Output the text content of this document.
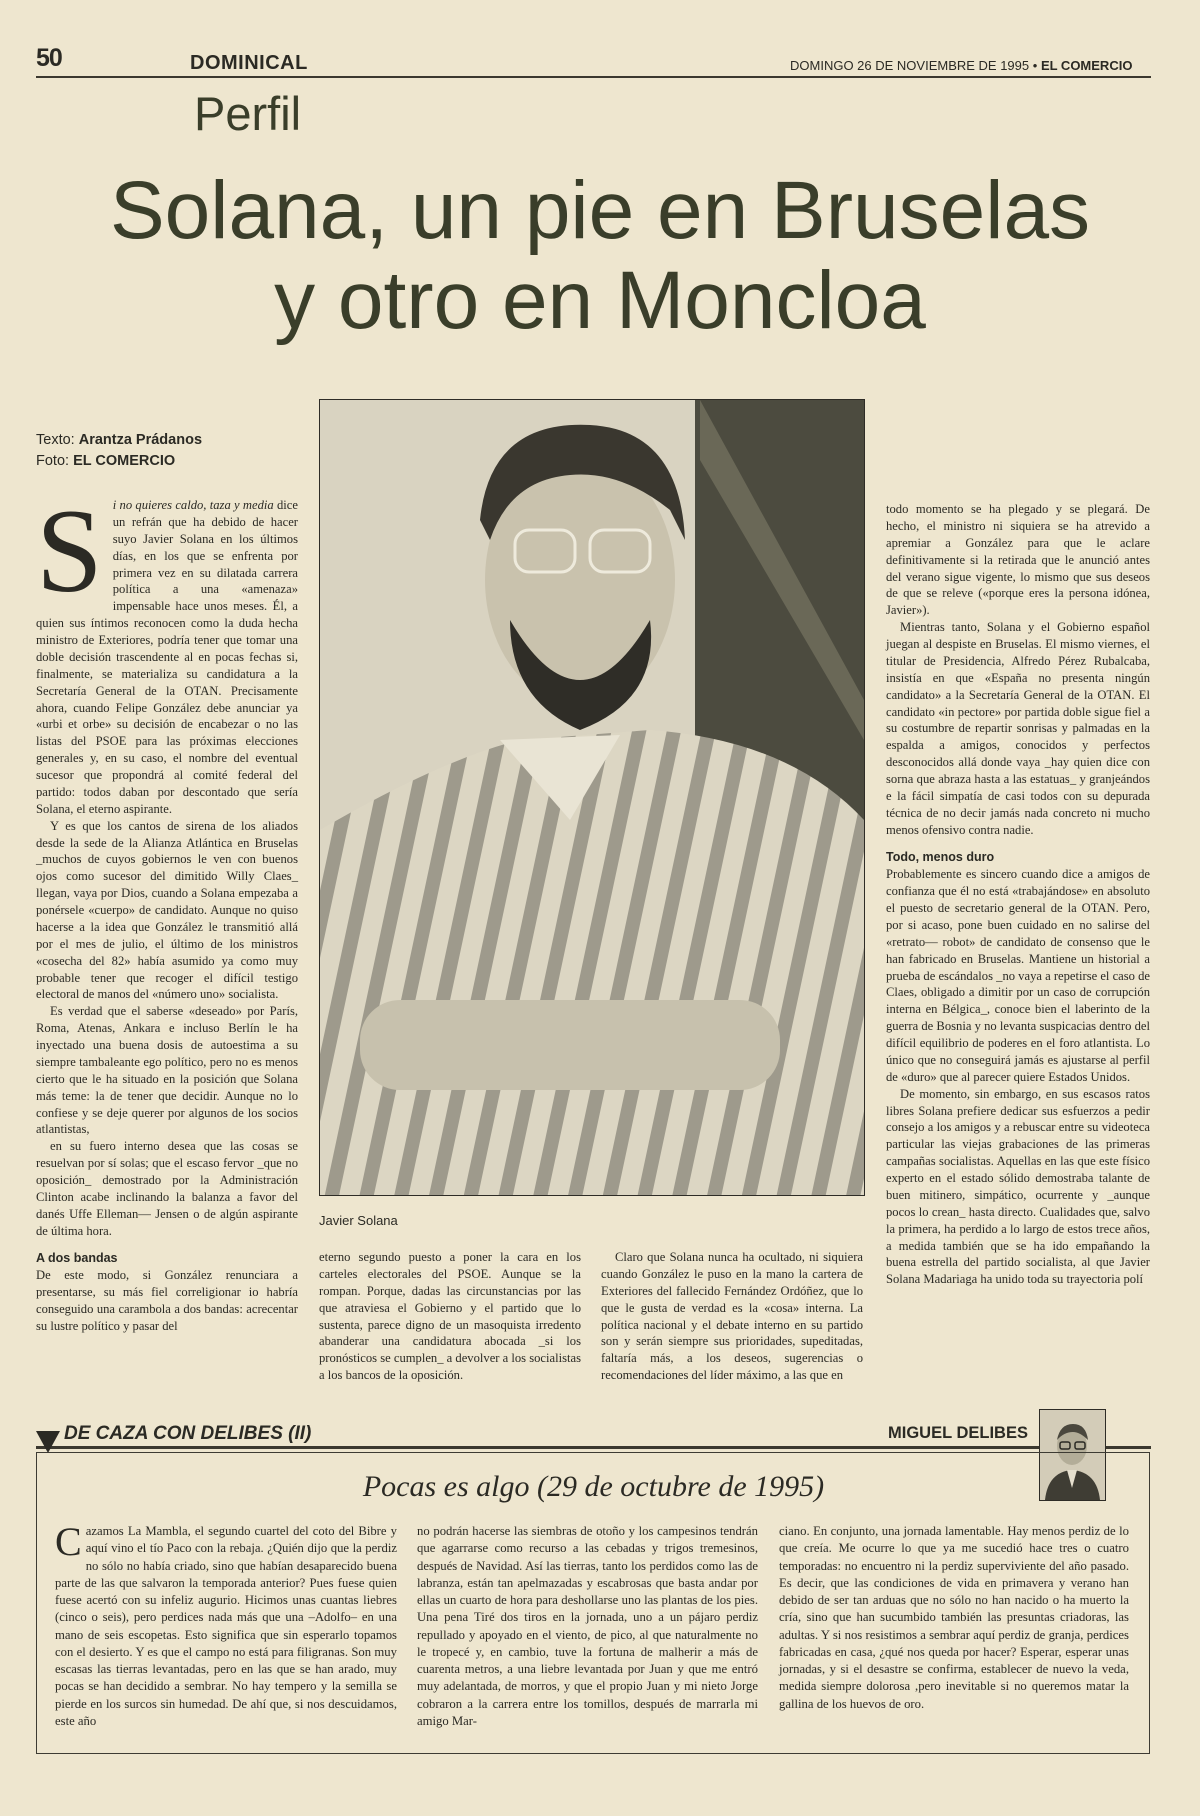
50	DOMINICAL	DOMINGO 26 DE NOVIEMBRE DE 1995 • EL COMERCIO
Perfil
Solana, un pie en Bruselas
y otro en Moncloa
Texto: Arantza Prádanos
Foto: EL COMERCIO
S i no quieres caldo, taza y media dice un refrán que ha debido de hacer suyo Javier Solana en los últimos días, en los que se enfrenta por primera vez en su dilatada carrera política a una «amenaza» impensable hace unos meses. Él, a quien sus íntimos reconocen como la duda hecha ministro de Exteriores, podría tener que tomar una doble decisión trascendente al en pocas fechas si, finalmente, se materializa su candidatura a la Secretaría General de la OTAN. Precisamente ahora, cuando Felipe González debe anunciar ya «urbi et orbe» su decisión de encabezar o no las listas del PSOE para las próximas elecciones generales y, en su caso, el nombre del eventual sucesor que propondrá al comité federal del partido: todos daban por descontado que sería Solana, el eterno aspirante.

Y es que los cantos de sirena de los aliados desde la sede de la Alianza Atlántica en Bruselas _muchos de cuyos gobiernos le ven con buenos ojos como sucesor del dimitido Willy Claes_ llegan, vaya por Dios, cuando a Solana empezaba a ponérsele «cuerpo» de candidato. Aunque no quiso hacerse a la idea que González le transmitió allá por el mes de julio, el último de los ministros «cosecha del 82» había asumido ya como muy probable tener que recoger el difícil testigo electoral de manos del «número uno» socialista.

Es verdad que el saberse «deseado» por París, Roma, Atenas, Ankara e incluso Berlín le ha inyectado una buena dosis de autoestima a su siempre tambaleante ego político, pero no es menos cierto que le ha situado en la posición que Solana más teme: la de tener que decidir. Aunque no lo confiese y se deje querer por algunos de los socios atlantistas,

en su fuero interno desea que las cosas se resuelvan por sí solas; que el escaso fervor _que no oposición_ demostrado por la Administración Clinton acabe inclinando la balanza a favor del danés Uffe Elleman— Jensen o de algún aspirante de última hora.

A dos bandas

De este modo, si González renunciara a presentarse, su más fiel correligionar io habría conseguido una carambola a dos bandas: acrecentar su lustre político y pasar del

Javier Solana

eterno segundo puesto a poner la cara en los carteles electorales del PSOE. Aunque se la rompan. Porque, dadas las circunstancias por las que atraviesa el Gobierno y el partido que lo sustenta, parece digno de un masoquista irredento abanderar una candidatura abocada _si los pronósticos se cumplen_ a devolver a los socialistas a los bancos de la oposición.

Claro que Solana nunca ha ocultado, ni siquiera cuando González le puso en la mano la cartera de Exteriores del fallecido Fernández Ordóñez, que lo que le gusta de verdad es la «cosa» interna. La política nacional y el debate interno en su partido son y serán siempre sus prioridades, supeditadas, faltaría más, a los deseos, sugerencias o recomendaciones del líder máximo, a las que en

todo momento se ha plegado y se plegará. De hecho, el ministro ni siquiera se ha atrevido a apremiar a González para que le aclare definitivamente si la retirada que le anunció antes del verano sigue vigente, lo mismo que sus deseos de que se releve («porque eres la persona idónea, Javier»).

Mientras tanto, Solana y el Gobierno español juegan al despiste en Bruselas. El mismo viernes, el titular de Presidencia, Alfredo Pérez Rubalcaba, insistía en que «España no presenta ningún candidato» a la Secretaría General de la OTAN. El candidato «in pectore» por partida doble sigue fiel a su costumbre de repartir sonrisas y palmadas en la espalda a amigos, conocidos y perfectos desconocidos allá donde vaya _hay quien dice con sorna que abraza hasta a las estatuas_ y granjeándos e la fácil simpatía de casi todos con su depurada técnica de no decir jamás nada concreto ni mucho menos ofensivo contra nadie.

Todo, menos duro

Probablemente es sincero cuando dice a amigos de confianza que él no está «trabajándose» en absoluto el puesto de secretario general de la OTAN. Pero, por si acaso, pone buen cuidado en no salirse del «retrato— robot» de candidato de consenso que le han fabricado en Bruselas. Mantiene un historial a prueba de escándalos _no vaya a repetirse el caso de Claes, obligado a dimitir por un caso de corrupción interna en Bélgica_, conoce bien el laberinto de la guerra de Bosnia y no levanta suspicacias dentro del difícil equilibrio de poderes en el foro atlantista. Lo único que no conseguirá jamás es ajustarse al perfil de «duro» que al parecer quiere Estados Unidos.

De momento, sin embargo, en sus escasos ratos libres Solana prefiere dedicar sus esfuerzos a pedir consejo a los amigos y a rebuscar entre su videoteca particular las viejas grabaciones de las primeras campañas socialistas. Aquellas en las que este físico experto en el estado sólido demostraba talante de buen mitinero, simpático, ocurrente y _aunque pocos lo crean_ hasta directo. Cualidades que, salvo la primera, ha perdido a lo largo de estos trece años, a medida también que se ha ido empañando la buena estrella del partido socialista, al que Javier Solana Madariaga ha unido toda su trayectoria polí

DE CAZA CON DELIBES (II)	MIGUEL DELIBES
Pocas es algo (29 de octubre de 1995)
C azamos La Mambla, el segundo cuartel del coto del Bibre y aquí vino el tío Paco con la rebaja. ¿Quién dijo que la perdiz no sólo no había criado, sino que habían desaparecido buena parte de las que salvaron la temporada anterior? Pues fuese quien fuese acertó con su infeliz augurio. Hicimos unas cuantas liebres (cinco o seis), pero perdices nada más que una –Adolfo– en una mano de seis escopetas. Esto significa que sin esperarlo topamos con el desierto. Y es que el campo no está para filigranas. Son muy escasas las tierras levantadas, pero en las que se han arado, muy pocas se han decidido a sembrar. No hay tempero y la semilla se pierde en los surcos sin humedad. De ahí que, si nos descuidamos, este año

no podrán hacerse las siembras de otoño y los campesinos tendrán que agarrarse como recurso a las cebadas y trigos tremesinos, después de Navidad. Así las tierras, tanto los perdidos como las de labranza, están tan apelmazadas y escabrosas que basta andar por ellas un cuarto de hora para deshollarse uno las plantas de los pies. Una pena Tiré dos tiros en la jornada, uno a un pájaro perdiz repullado y apoyado en el viento, de pico, al que naturalmente no le tropecé y, en cambio, tuve la fortuna de malherir a más de cuarenta metros, a una liebre levantada por Juan y que me entró muy adelantada, de morros, y que el propio Juan y mi nieto Jorge cobraron a la carrera entre los tomillos, después de marrarla mi amigo Mar-

ciano. En conjunto, una jornada lamentable. Hay menos perdiz de lo que creía. Me ocurre lo que ya me sucedió hace tres o cuatro temporadas: no encuentro ni la perdiz superviviente del año pasado. Es decir, que las condiciones de vida en primavera y verano han debido de ser tan arduas que no sólo no han nacido o ha muerto la cría, sino que han sucumbido también las presuntas criadoras, las adultas. Y si nos resistimos a sembrar aquí perdiz de granja, perdices fabricadas en casa, ¿qué nos queda por hacer? Esperar, esperar unas jornadas, y si el desastre se confirma, establecer de nuevo la veda, medida siempre dolorosa ,pero inevitable si no queremos matar la gallina de los huevos de oro.
